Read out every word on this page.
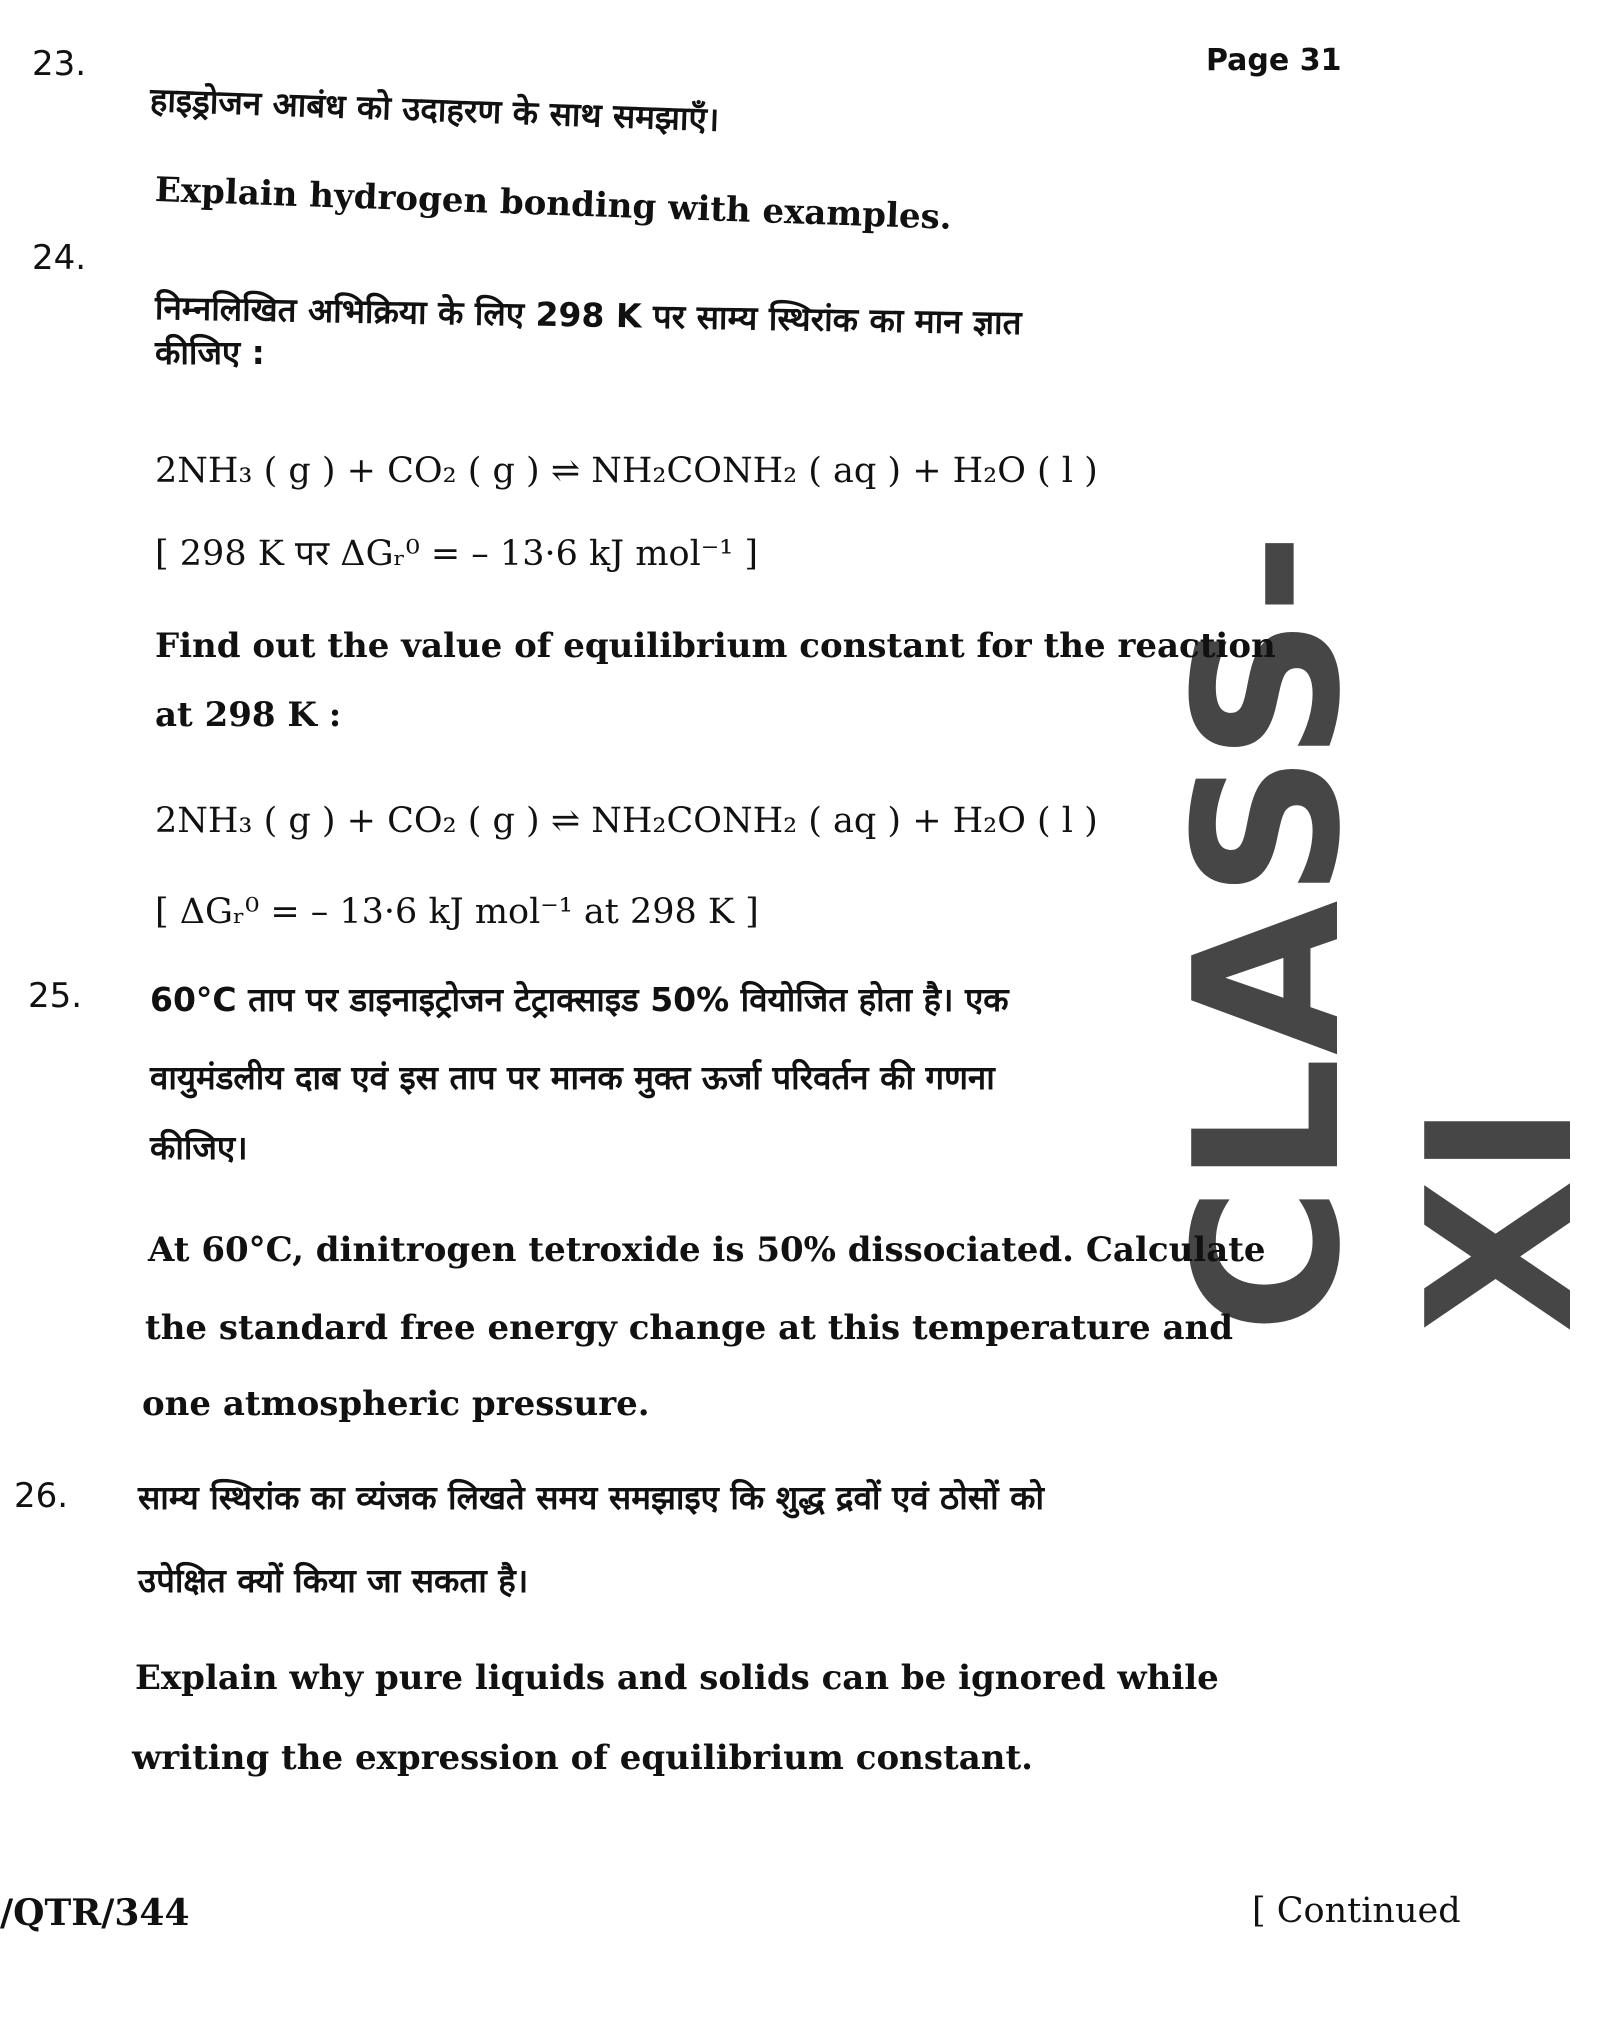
CLASS-XI
Page 31
23.
हाइड्रोजन आबंध को उदाहरण के साथ समझाएँ।
Explain hydrogen bonding with examples.
24.
निम्नलिखित अभिक्रिया के लिए 298 K पर साम्य स्थिरांक का मान ज्ञात
कीजिए :
2NH₃ ( g ) + CO₂ ( g ) ⇌ NH₂CONH₂ ( aq ) + H₂O ( l )
[ 298 K पर ΔGᵣ⁰ = – 13·6 kJ mol⁻¹ ]
Find out the value of equilibrium constant for the reaction
at 298 K :
2NH₃ ( g ) + CO₂ ( g ) ⇌ NH₂CONH₂ ( aq ) + H₂O ( l )
[ ΔGᵣ⁰ = – 13·6 kJ mol⁻¹ at 298 K ]
25. 60°C ताप पर डाइनाइट्रोजन टेट्राक्साइड 50% वियोजित होता है। एक
वायुमंडलीय दाब एवं इस ताप पर मानक मुक्त ऊर्जा परिवर्तन की गणना
कीजिए।
At 60°C, dinitrogen tetroxide is 50% dissociated. Calculate
the standard free energy change at this temperature and
one atmospheric pressure.
26. साम्य स्थिरांक का व्यंजक लिखते समय समझाइए कि शुद्ध द्रवों एवं ठोसों को
उपेक्षित क्यों किया जा सकता है।
Explain why pure liquids and solids can be ignored while
writing the expression of equilibrium constant.
/QTR/344	[ Continued
